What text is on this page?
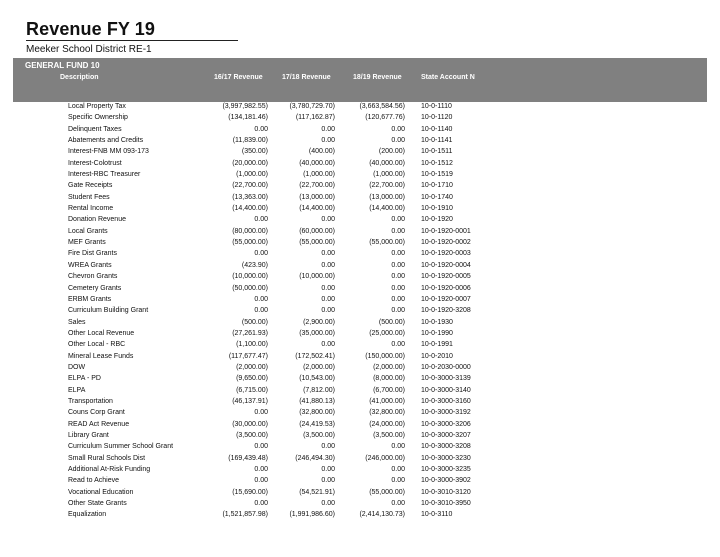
Revenue FY 19
Meeker School District RE-1
GENERAL FUND 10
Description	16/17 Revenue	17/18 Revenue	18/19 Revenue	State Account N
Local Property Tax	(3,997,982.55)	(3,780,729.70)	(3,663,584.56) 10-0-1110
Specific Ownership	(134,181.46)	(117,162.87)	(120,677.76) 10-0-1120
Delinquent Taxes	0.00	0.00	0.00 10-0-1140
Abatements and Credits	(11,839.00)	0.00	0.00 10-0-1141
Interest-FNB MM 093-173	(350.00)	(400.00)	(200.00) 10-0-1511
Interest-Colotrust	(20,000.00)	(40,000.00)	(40,000.00) 10-0-1512
Interest-RBC Treasurer	(1,000.00)	(1,000.00)	(1,000.00) 10-0-1519
Gate Receipts	(22,700.00)	(22,700.00)	(22,700.00) 10-0-1710
Student Fees	(13,363.00)	(13,000.00)	(13,000.00) 10-0-1740
Rental Income	(14,400.00)	(14,400.00)	(14,400.00) 10-0-1910
Donation Revenue	0.00	0.00	0.00 10-0-1920
Local Grants	(80,000.00)	(60,000.00)	0.00 10-0-1920-0001
MEF Grants	(55,000.00)	(55,000.00)	(55,000.00) 10-0-1920-0002
Fire Dist Grants	0.00	0.00	0.00 10-0-1920-0003
WREA Grants	(423.90)	0.00	0.00 10-0-1920-0004
Chevron Grants	(10,000.00)	(10,000.00)	0.00 10-0-1920-0005
Cemetery Grants	(50,000.00)	0.00	0.00 10-0-1920-0006
ERBM Grants	0.00	0.00	0.00 10-0-1920-0007
Curriculum Building Grant	0.00	0.00	0.00 10-0-1920-3208
Sales	(500.00)	(2,900.00)	(500.00) 10-0-1930
Other Local Revenue	(27,261.93)	(35,000.00)	(25,000.00) 10-0-1990
Other Local - RBC	(1,100.00)	0.00	0.00 10-0-1991
Mineral Lease Funds	(117,677.47)	(172,502.41)	(150,000.00) 10-0-2010
DOW	(2,000.00)	(2,000.00)	(2,000.00) 10-0-2030-0000
ELPA - PD	(9,650.00)	(10,543.00)	(8,000.00) 10-0-3000-3139
ELPA	(6,715.00)	(7,812.00)	(6,700.00) 10-0-3000-3140
Transportation	(46,137.91)	(41,880.13)	(41,000.00) 10-0-3000-3160
Couns Corp Grant	0.00	(32,800.00)	(32,800.00) 10-0-3000-3192
READ Act Revenue	(30,000.00)	(24,419.53)	(24,000.00) 10-0-3000-3206
Library Grant	(3,500.00)	(3,500.00)	(3,500.00) 10-0-3000-3207
Curriculum Summer School Grant	0.00	0.00	0.00 10-0-3000-3208
Small Rural Schools Dist	(169,439.48)	(246,494.30)	(246,000.00) 10-0-3000-3230
Additional At-Risk Funding	0.00	0.00	0.00 10-0-3000-3235
Read to Achieve	0.00	0.00	0.00 10-0-3000-3902
Vocational Education	(15,690.00)	(54,521.91)	(55,000.00) 10-0-3010-3120
Other State Grants	0.00	0.00	0.00 10-0-3010-3950
Equalization	(1,521,857.98)	(1,991,986.60)	(2,414,130.73) 10-0-3110
